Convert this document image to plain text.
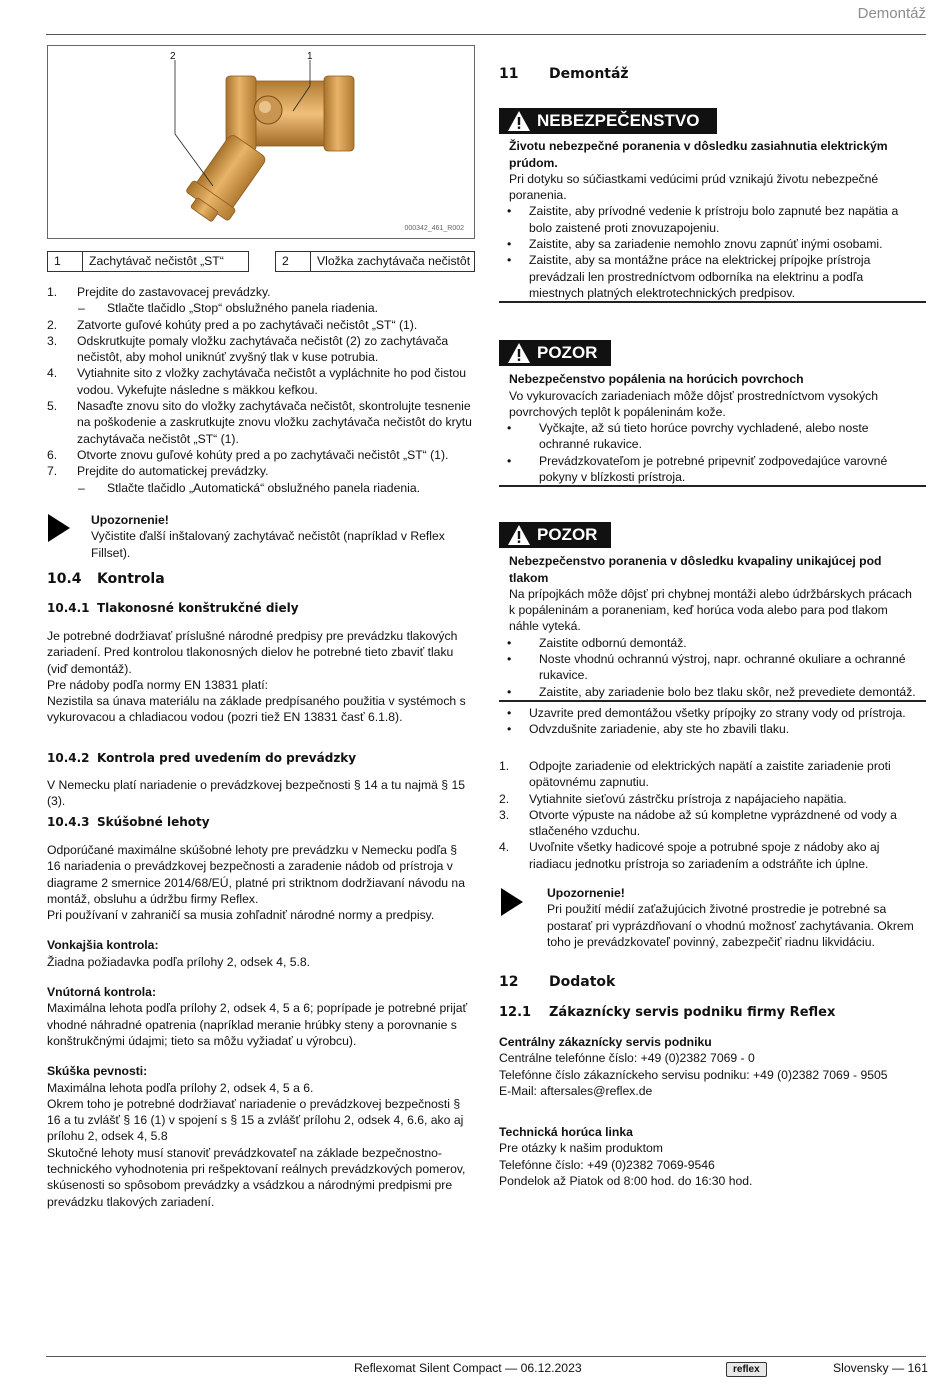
Demontáž
2	1
000342_461_R002
1	Zachytávač nečistôt „ST“	2	Vložka zachytávača nečistôt
1. Prejdite do zastavovacej prevádzky.
– Stlačte tlačidlo „Stop“ obslužného panela riadenia.
2. Zatvorte guľové kohúty pred a po zachytávači nečistôt „ST“ (1).
3. Odskrutkujte pomaly vložku zachytávača nečistôt (2) zo zachytávača nečistôt, aby mohol uniknúť zvyšný tlak v kuse potrubia.
4. Vytiahnite sito z vložky zachytávača nečistôt a vypláchnite ho pod čistou vodou. Vykefujte následne s mäkkou kefkou.
5. Nasaďte znovu sito do vložky zachytávača nečistôt, skontrolujte tesnenie na poškodenie a zaskrutkujte znovu vložku zachytávača nečistôt do krytu zachytávača nečistôt „ST“ (1).
6. Otvorte znovu guľové kohúty pred a po zachytávači nečistôt „ST“ (1).
7. Prejdite do automatickej prevádzky.
– Stlačte tlačidlo „Automatická“ obslužného panela riadenia.

Upozornenie!

Vyčistite ďalší inštalovaný zachytávač nečistôt (napríklad v Reflex Fillset).

10.4 Kontrola
10.4.1 Tlakonosné konštrukčné diely

Je potrebné dodržiavať príslušné národné predpisy pre prevádzku tlakových zariadení. Pred kontrolou tlakonosných dielov he potrebné tieto zbaviť tlaku (viď demontáž).

Pre nádoby podľa normy EN 13831 platí:

Nezistila sa únava materiálu na základe predpísaného použitia v systémoch s vykurovacou a chladiacou vodou (pozri tiež EN 13831 časť 6.1.8).

10.4.2 Kontrola pred uvedením do prevádzky

V Nemecku platí nariadenie o prevádzkovej bezpečnosti § 14 a tu najmä § 15 (3).

10.4.3 Skúšobné lehoty

Odporúčané maximálne skúšobné lehoty pre prevádzku v Nemecku podľa § 16 nariadenia o prevádzkovej bezpečnosti a zaradenie nádob od prístroja v diagrame 2 smernice 2014/68/EÚ, platné pri striktnom dodržiavaní návodu na montáž, obsluhu a údržbu firmy Reflex.

Pri používaní v zahraničí sa musia zohľadniť národné normy a predpisy.

Vonkajšia kontrola:

Žiadna požiadavka podľa prílohy 2, odsek 4, 5.8.

Vnútorná kontrola:

Maximálna lehota podľa prílohy 2, odsek 4, 5 a 6; poprípade je potrebné prijať vhodné náhradné opatrenia (napríklad meranie hrúbky steny a porovnanie s konštrukčnými údajmi; tieto sa môžu vyžiadať u výrobcu).

Skúška pevnosti:

Maximálna lehota podľa prílohy 2, odsek 4, 5 a 6.

Okrem toho je potrebné dodržiavať nariadenie o prevádzkovej bezpečnosti § 16 a tu zvlášť § 16 (1) v spojení s § 15 a zvlášť prílohu 2, odsek 4, 6.6, ako aj prílohu 2, odsek 4, 5.8

Skutočné lehoty musí stanoviť prevádzkovateľ na základe bezpečnostno-technického vyhodnotenia pri rešpektovaní reálnych prevádzkových pomerov, skúsenosti so spôsobom prevádzky a vsádzkou a národnými predpismi pre prevádzku tlakových zariadení.

11 Demontáž
NEBEZPEČENSTVO

Životu nebezpečné poranenia v dôsledku zasiahnutia elektrickým prúdom.

Pri dotyku so súčiastkami vedúcimi prúd vznikajú životu nebezpečné poranenia.

• Zaistite, aby prívodné vedenie k prístroju bolo zapnuté bez napätia a bolo zaistené proti znovuzapojeniu.
• Zaistite, aby sa zariadenie nemohlo znovu zapnúť inými osobami.
• Zaistite, aby sa montážne práce na elektrickej prípojke prístroja prevádzali len prostredníctvom odborníka na elektrinu a podľa miestnych platných elektrotechnických predpisov.
POZOR

Nebezpečenstvo popálenia na horúcich povrchoch

Vo vykurovacích zariadeniach môže dôjsť prostredníctvom vysokých povrchových teplôt k popáleninám kože.

• Vyčkajte, až sú tieto horúce povrchy vychladené, alebo noste ochranné rukavice.
• Prevádzkovateľom je potrebné pripevniť zodpovedajúce varovné pokyny v blízkosti prístroja.
POZOR

Nebezpečenstvo poranenia v dôsledku kvapaliny unikajúcej pod tlakom

Na prípojkách môže dôjsť pri chybnej montáži alebo údržbárskych prácach k popáleninám a poraneniam, keď horúca voda alebo para pod tlakom náhle vyteká.

• Zaistite odbornú demontáž.
• Noste vhodnú ochrannú výstroj, napr. ochranné okuliare a ochranné rukavice.
• Zaistite, aby zariadenie bolo bez tlaku skôr, než prevediete demontáž.
• Uzavrite pred demontážou všetky prípojky zo strany vody od prístroja.
• Odvzdušnite zariadenie, aby ste ho zbavili tlaku.
1. Odpojte zariadenie od elektrických napätí a zaistite zariadenie proti opätovnému zapnutiu.
2. Vytiahnite sieťovú zástrčku prístroja z napájacieho napätia.
3. Otvorte výpuste na nádobe až sú kompletne vyprázdnené od vody a stlačeného vzduchu.
4. Uvoľnite všetky hadicové spoje a potrubné spoje z nádoby ako aj riadiacu jednotku prístroja so zariadením a odstráňte ich úplne.

Upozornenie!

Pri použití médií zaťažujúcich životné prostredie je potrebné sa postarať pri vyprázdňovaní o vhodnú možnosť zachytávania. Okrem toho je prevádzkovateľ povinný, zabezpečiť riadnu likvidáciu.

12 Dodatok
12.1 Zákaznícky servis podniku firmy Reflex

Centrálny zákaznícky servis podniku

Centrálne telefónne číslo: +49 (0)2382 7069 - 0

Telefónne číslo zákazníckeho servisu podniku: +49 (0)2382 7069 - 9505

E-Mail: aftersales@reflex.de

Technická horúca linka

Pre otázky k našim produktom

Telefónne číslo: +49 (0)2382 7069-9546

Pondelok až Piatok od 8:00 hod. do 16:30 hod.

Reflexomat Silent Compact — 06.12.2023	reflex	Slovensky — 161
